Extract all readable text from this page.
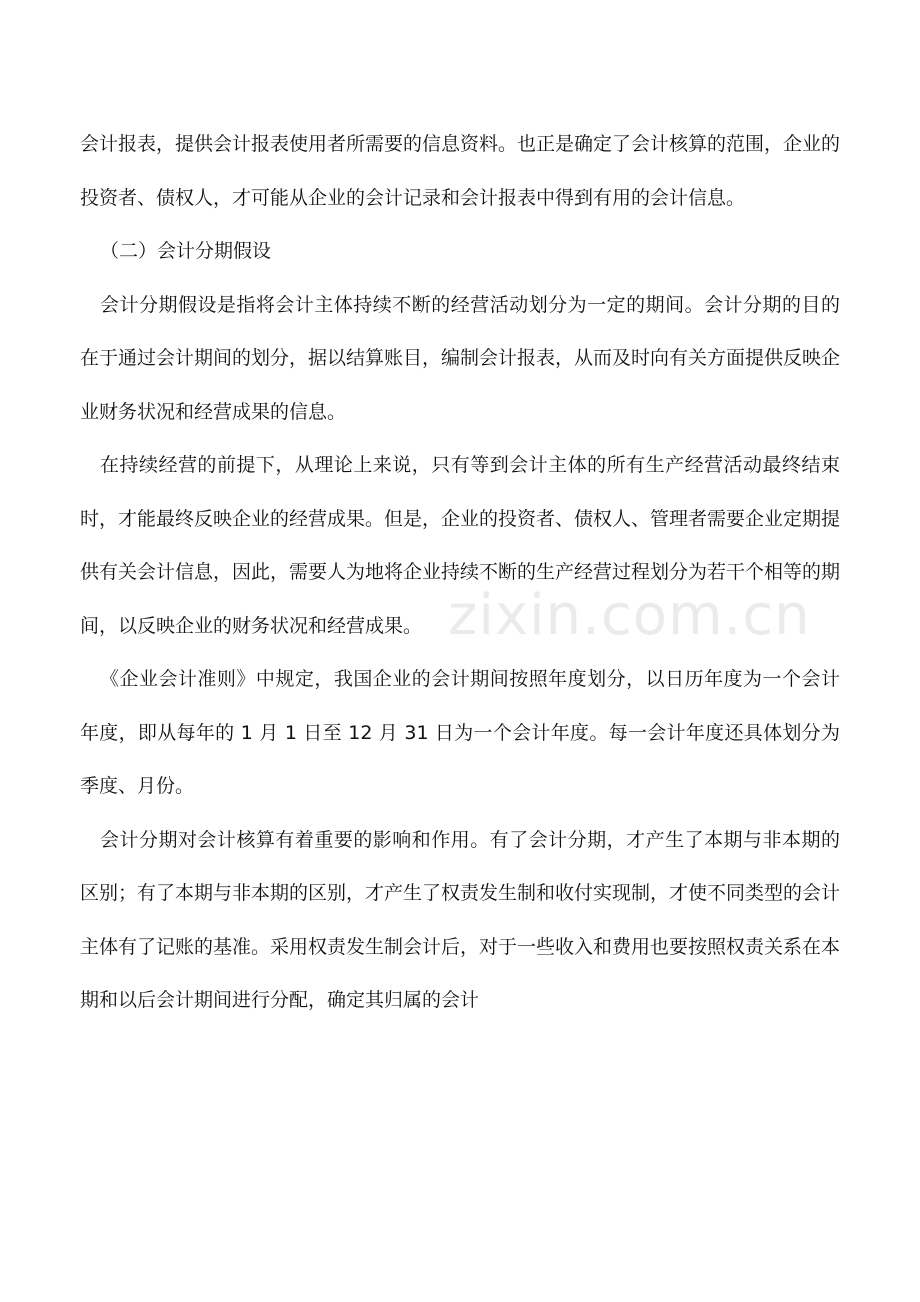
会计报表，提供会计报表使用者所需要的信息资料。也正是确定了会计核算的范围，企业的投资者、债权人，才可能从企业的会计记录和会计报表中得到有用的会计信息。

（二）会计分期假设

会计分期假设是指将会计主体持续不断的经营活动划分为一定的期间。会计分期的目的在于通过会计期间的划分，据以结算账目，编制会计报表，从而及时向有关方面提供反映企业财务状况和经营成果的信息。

在持续经营的前提下，从理论上来说，只有等到会计主体的所有生产经营活动最终结束时，才能最终反映企业的经营成果。但是，企业的投资者、债权人、管理者需要企业定期提供有关会计信息，因此，需要人为地将企业持续不断的生产经营过程划分为若干个相等的期间，以反映企业的财务状况和经营成果。

《企业会计准则》中规定，我国企业的会计期间按照年度划分，以日历年度为一个会计年度，即从每年的 1 月 1 日至 12 月 31 日为一个会计年度。每一会计年度还具体划分为季度、月份。

会计分期对会计核算有着重要的影响和作用。有了会计分期，才产生了本期与非本期的区别；有了本期与非本期的区别，才产生了权责发生制和收付实现制，才使不同类型的会计主体有了记账的基准。采用权责发生制会计后，对于一些收入和费用也要按照权责关系在本期和以后会计期间进行分配，确定其归属的会计

zixin.com.cn
